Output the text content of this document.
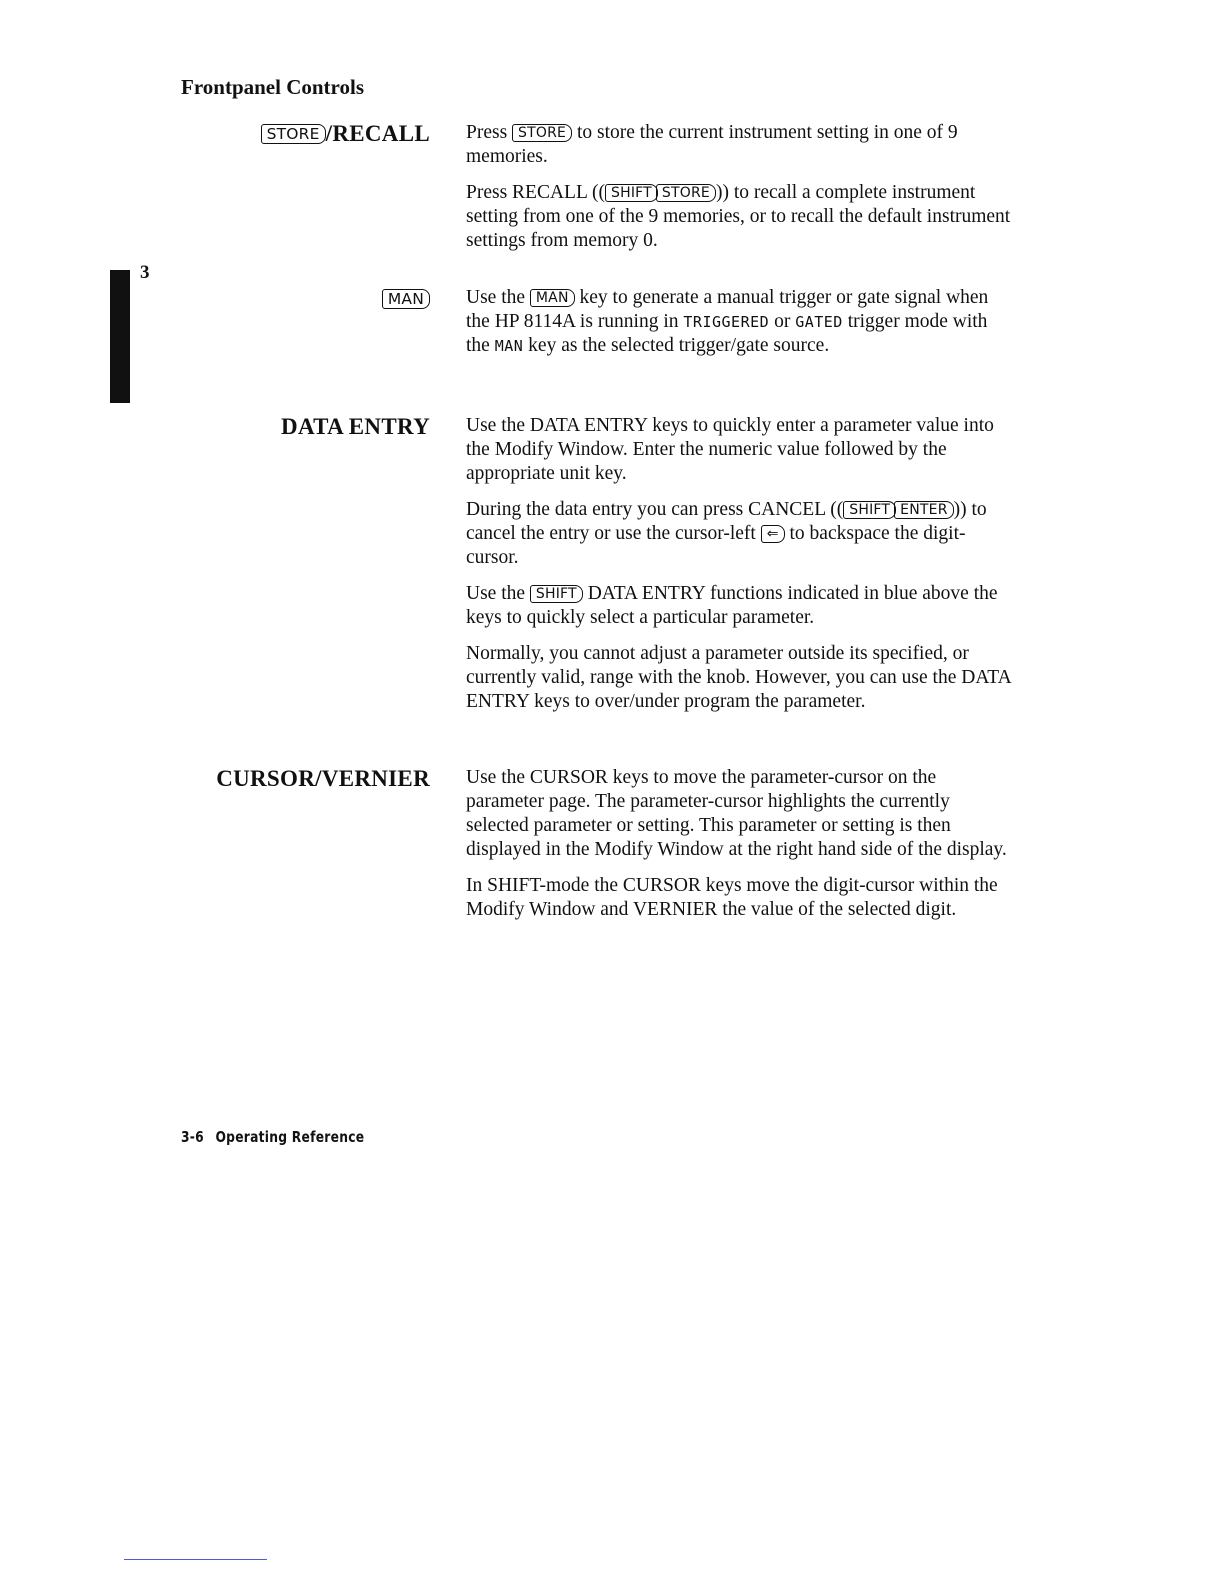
Frontpanel Controls
3
STORE /RECALL Press STORE to store the current instrument setting in one of 9 memories.

Press RECALL (( SHIFT STORE )) to recall a complete instrument setting from one of the 9 memories, or to recall the default instrument settings from memory 0.

MAN	Use the MAN key to generate a manual trigger or gate signal when the HP 8114A is running in TRIGGERED or GATED trigger mode with the MAN key as the selected trigger/gate source.

DATA ENTRY Use the DATA ENTRY keys to quickly enter a parameter value into the Modify Window. Enter the numeric value followed by the appropriate unit key.

During the data entry you can press CANCEL (( SHIFT ENTER )) to cancel the entry or use the cursor-left ⇐ to backspace the digit-cursor.

Use the SHIFT DATA ENTRY functions indicated in blue above the keys to quickly select a particular parameter.

Normally, you cannot adjust a parameter outside its specified, or currently valid, range with the knob. However, you can use the DATA ENTRY keys to over/under program the parameter.

CURSOR/VERNIER Use the CURSOR keys to move the parameter-cursor on the parameter page. The parameter-cursor highlights the currently selected parameter or setting. This parameter or setting is then displayed in the Modify Window at the right hand side of the display.

In SHIFT-mode the CURSOR keys move the digit-cursor within the Modify Window and VERNIER the value of the selected digit.

3-6 Operating Reference
